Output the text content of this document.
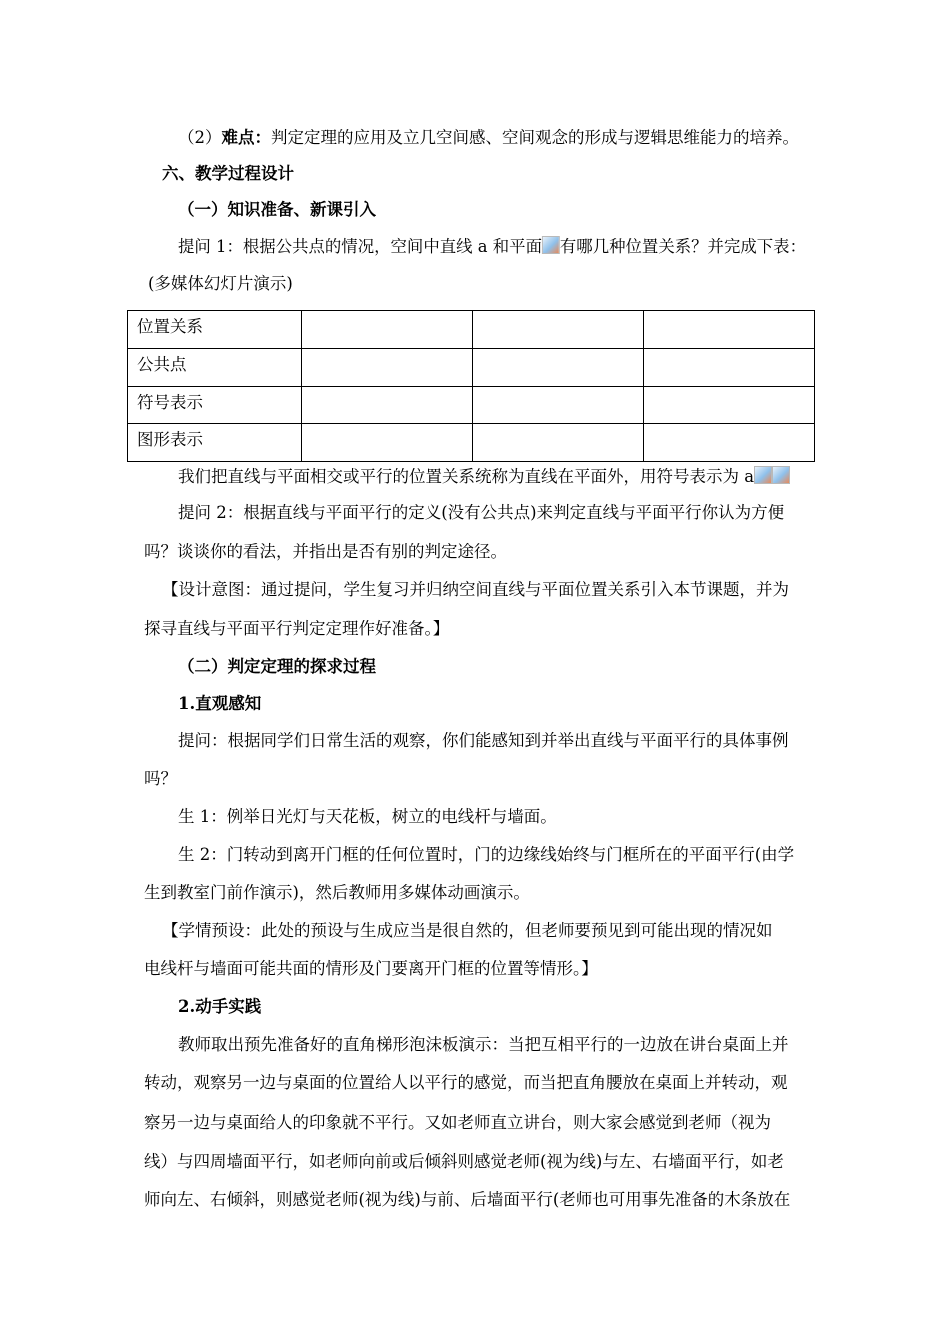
（2）难点：判定定理的应用及立几空间感、空间观念的形成与逻辑思维能力的培养。
六、教学过程设计
（一）知识准备、新课引入
提问 1：根据公共点的情况，空间中直线 a 和平面 有哪几种位置关系？并完成下表：
(多媒体幻灯片演示)
位置关系			
公共点			
符号表示			
图形表示			
我们把直线与平面相交或平行的位置关系统称为直线在平面外，用符号表示为 a
提问 2：根据直线与平面平行的定义(没有公共点)来判定直线与平面平行你认为方便
吗？谈谈你的看法，并指出是否有别的判定途径。
【设计意图：通过提问，学生复习并归纳空间直线与平面位置关系引入本节课题，并为
探寻直线与平面平行判定定理作好准备。】
（二）判定定理的探求过程
1.直观感知
提问：根据同学们日常生活的观察，你们能感知到并举出直线与平面平行的具体事例
吗？
生 1：例举日光灯与天花板，树立的电线杆与墙面。
生 2：门转动到离开门框的任何位置时，门的边缘线始终与门框所在的平面平行(由学
生到教室门前作演示)，然后教师用多媒体动画演示。
【学情预设：此处的预设与生成应当是很自然的，但老师要预见到可能出现的情况如
电线杆与墙面可能共面的情形及门要离开门框的位置等情形。】
2.动手实践
教师取出预先准备好的直角梯形泡沫板演示：当把互相平行的一边放在讲台桌面上并
转动，观察另一边与桌面的位置给人以平行的感觉，而当把直角腰放在桌面上并转动，观
察另一边与桌面给人的印象就不平行。又如老师直立讲台，则大家会感觉到老师（视为
线）与四周墙面平行，如老师向前或后倾斜则感觉老师(视为线)与左、右墙面平行，如老
师向左、右倾斜，则感觉老师(视为线)与前、后墙面平行(老师也可用事先准备的木条放在
